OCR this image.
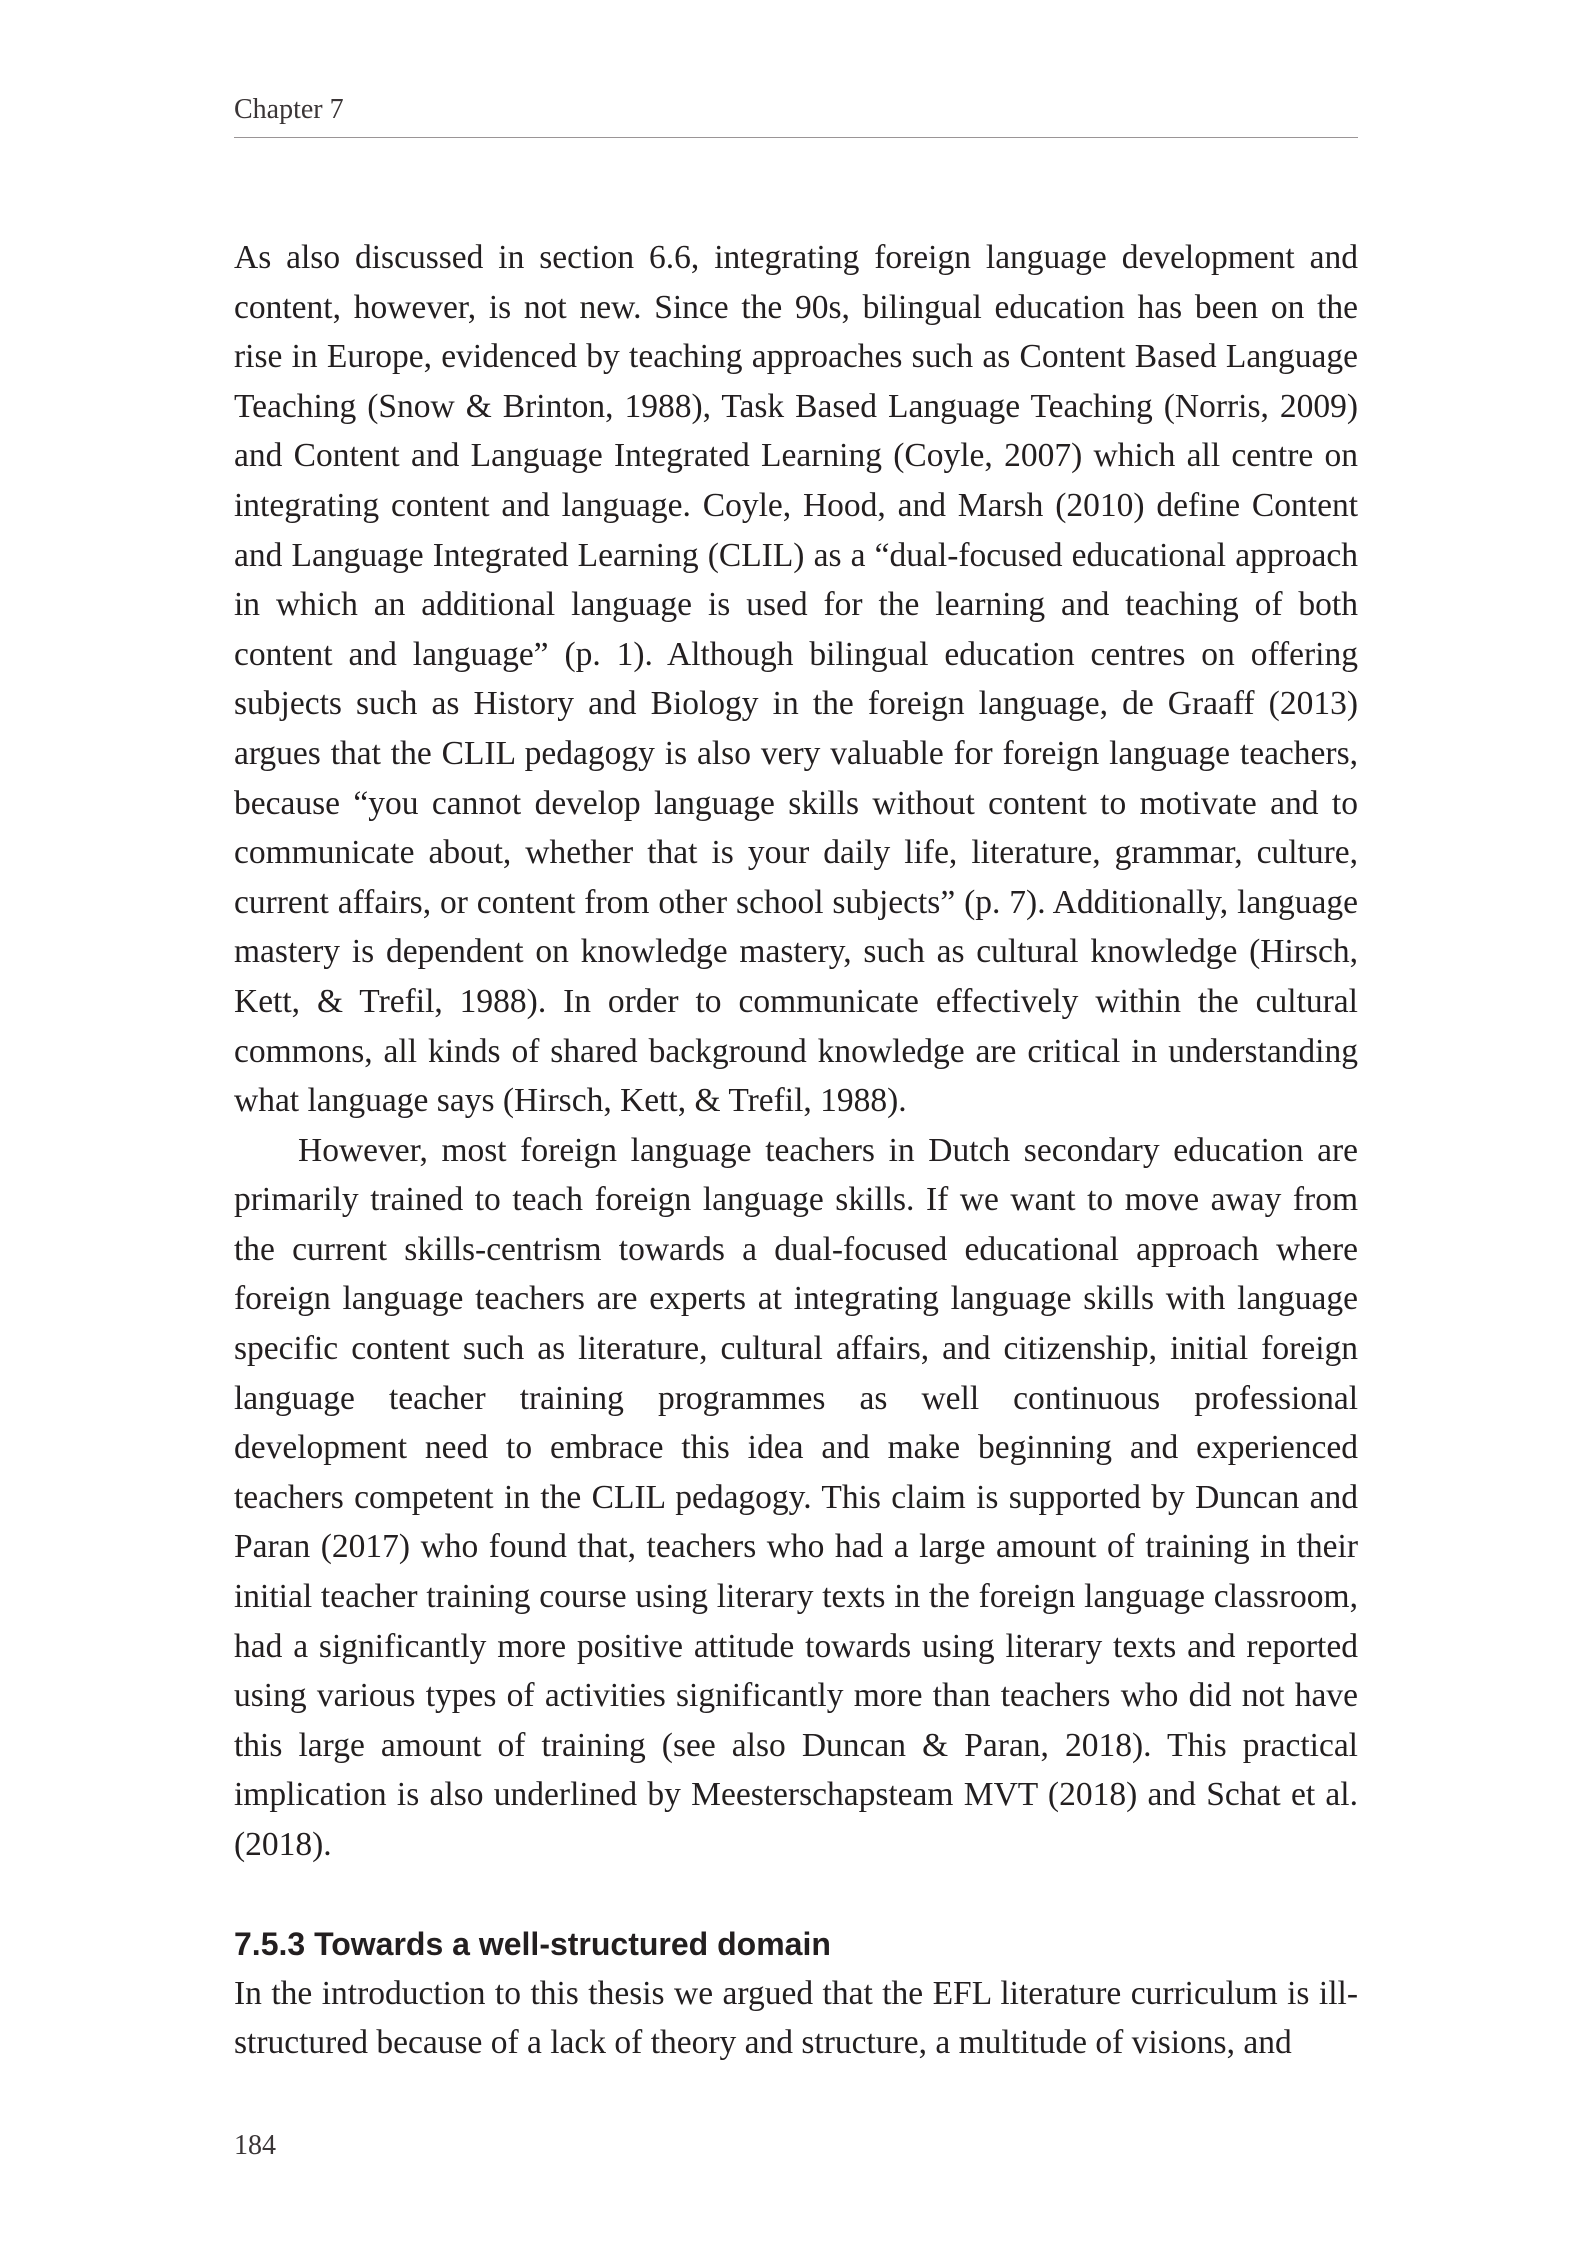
Chapter 7

As also discussed in section 6.6, integrating foreign language development and content, however, is not new. Since the 90s, bilingual education has been on the rise in Europe, evidenced by teaching approaches such as Content Based Language Teaching (Snow & Brinton, 1988), Task Based Language Teaching (Norris, 2009) and Content and Language Integrated Learning (Coyle, 2007) which all centre on integrating content and language. Coyle, Hood, and Marsh (2010) define Content and Language Integrated Learning (CLIL) as a “dual-focused educational approach in which an additional language is used for the learning and teaching of both content and language” (p. 1). Although bilingual education centres on offering subjects such as History and Biology in the foreign language, de Graaff (2013) argues that the CLIL pedagogy is also very valuable for foreign language teachers, because “you cannot develop language skills without content to motivate and to communicate about, whether that is your daily life, literature, grammar, culture, current affairs, or content from other school subjects” (p. 7). Additionally, language mastery is dependent on knowledge mastery, such as cultural knowledge (Hirsch, Kett, & Trefil, 1988). In order to communicate effectively within the cultural commons, all kinds of shared background knowledge are critical in understanding what language says (Hirsch, Kett, & Trefil, 1988).

However, most foreign language teachers in Dutch secondary education are primarily trained to teach foreign language skills. If we want to move away from the current skills-centrism towards a dual-focused educational approach where foreign language teachers are experts at integrating language skills with language specific content such as literature, cultural affairs, and citizenship, initial foreign language teacher training programmes as well continuous professional development need to embrace this idea and make beginning and experienced teachers competent in the CLIL pedagogy. This claim is supported by Duncan and Paran (2017) who found that, teachers who had a large amount of training in their initial teacher training course using literary texts in the foreign language classroom, had a significantly more positive attitude towards using literary texts and reported using various types of activities significantly more than teachers who did not have this large amount of training (see also Duncan & Paran, 2018). This practical implication is also underlined by Meesterschapsteam MVT (2018) and Schat et al. (2018).

7.5.3 Towards a well-structured domain

In the introduction to this thesis we argued that the EFL literature curriculum is ill-structured because of a lack of theory and structure, a multitude of visions, and

184
